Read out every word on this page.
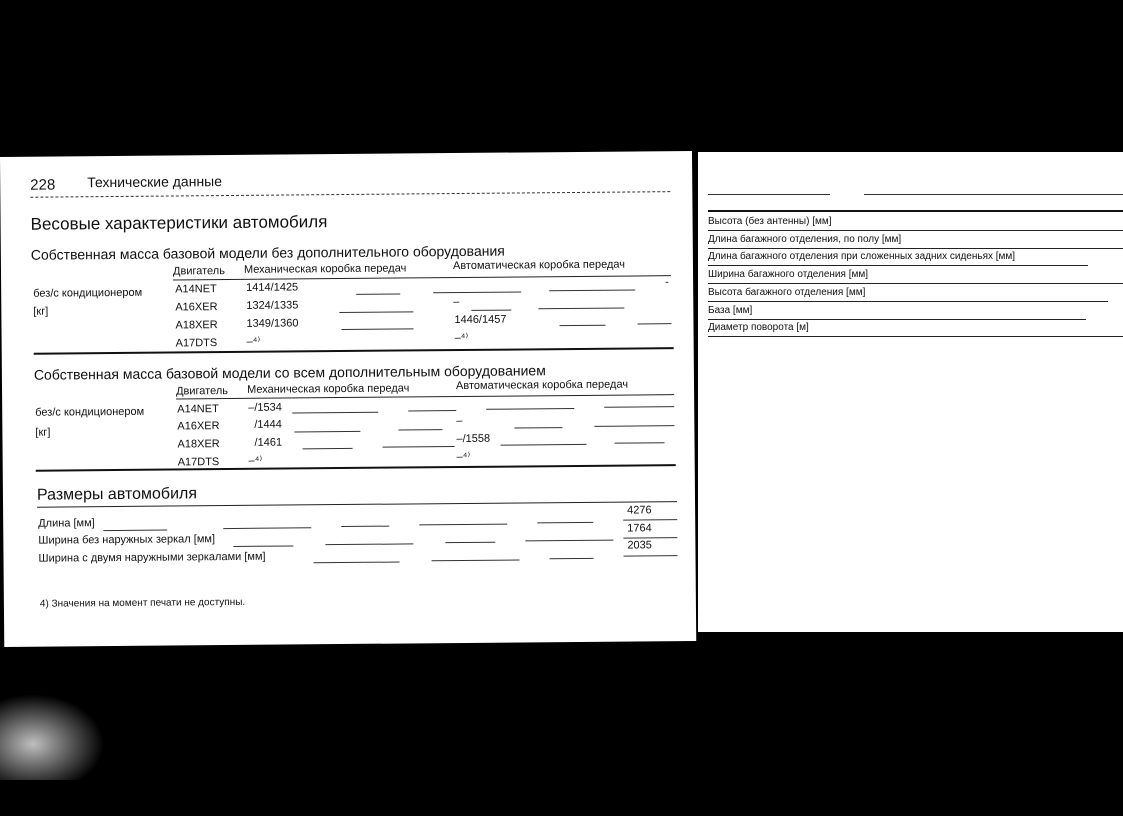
228 Технические данные
Весовые характеристики автомобиля
Собственная масса базовой модели без дополнительного оборудования
Двигатель Механическая коробка передач	Автоматическая коробка передач
без/с кондиционером
[кг]
A14NET	1414/1425	-
A16XER	1324/1335	–
A18XER	1349/1360	1446/1457
A17DTS	–⁴⁾	–⁴⁾
Собственная масса базовой модели со всем дополнительным оборудованием
Двигатель Механическая коробка передач	Автоматическая коробка передач
без/с кондиционером
[кг]
A14NET	–/1534
A16XER	/1444	–
A18XER	/1461	–/1558
A17DTS	–⁴⁾	–⁴⁾
Размеры автомобиля
Длина [мм]
4276
Ширина без наружных зеркал [мм]
1764
Ширина с двумя наружными зеркалами [мм]
2035
4) Значения на момент печати не доступны.
Высота (без антенны) [мм]
Длина багажного отделения, по полу [мм]
Длина багажного отделения при сложенных задних сиденьях [мм]
Ширина багажного отделения [мм]
Высота багажного отделения [мм]
База [мм]
Диаметр поворота [м]
